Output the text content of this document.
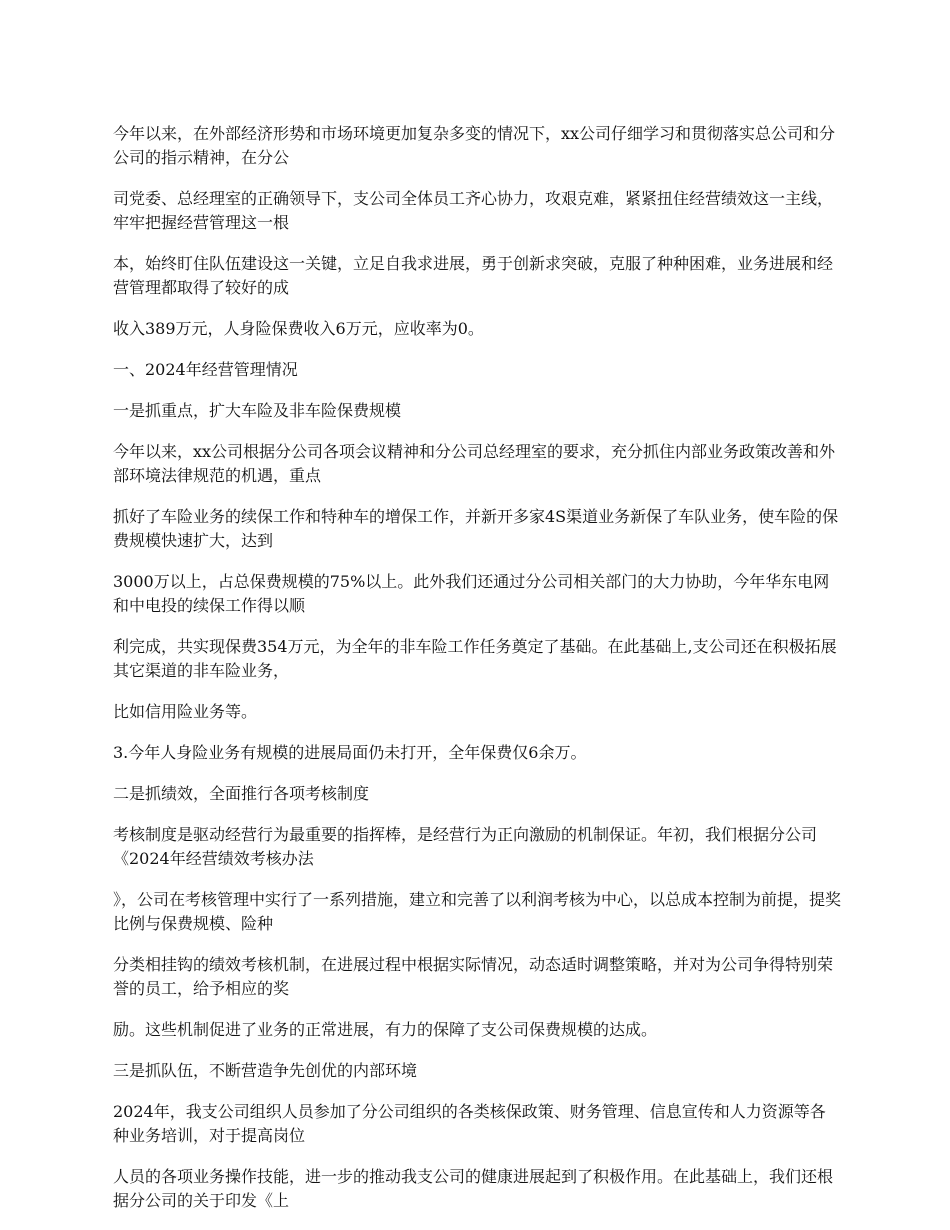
今年以来，在外部经济形势和市场环境更加复杂多变的情况下，xx公司仔细学习和贯彻落实总公司和分公司的指示精神，在分公

司党委、总经理室的正确领导下，支公司全体员工齐心协力，攻艰克难，紧紧扭住经营绩效这一主线，牢牢把握经营管理这一根

本，始终盯住队伍建设这一关键，立足自我求进展，勇于创新求突破，克服了种种困难，业务进展和经营管理都取得了较好的成

收入389万元，人身险保费收入6万元，应收率为0。

一、2024年经营管理情况

一是抓重点，扩大车险及非车险保费规模

今年以来，xx公司根据分公司各项会议精神和分公司总经理室的要求，充分抓住内部业务政策改善和外部环境法律规范的机遇，重点

抓好了车险业务的续保工作和特种车的增保工作，并新开多家4S渠道业务新保了车队业务，使车险的保费规模快速扩大，达到

3000万以上，占总保费规模的75%以上。此外我们还通过分公司相关部门的大力协助，今年华东电网和中电投的续保工作得以顺

利完成，共实现保费354万元，为全年的非车险工作任务奠定了基础。在此基础上,支公司还在积极拓展其它渠道的非车险业务，

比如信用险业务等。

3.今年人身险业务有规模的进展局面仍未打开，全年保费仅6余万。

二是抓绩效，全面推行各项考核制度

考核制度是驱动经营行为最重要的指挥棒，是经营行为正向激励的机制保证。年初，我们根据分公司《2024年经营绩效考核办法

》，公司在考核管理中实行了一系列措施，建立和完善了以利润考核为中心，以总成本控制为前提，提奖比例与保费规模、险种

分类相挂钩的绩效考核机制，在进展过程中根据实际情况，动态适时调整策略，并对为公司争得特别荣誉的员工，给予相应的奖

励。这些机制促进了业务的正常进展，有力的保障了支公司保费规模的达成。

三是抓队伍，不断营造争先创优的内部环境

2024年，我支公司组织人员参加了分公司组织的各类核保政策、财务管理、信息宣传和人力资源等各种业务培训，对于提高岗位

人员的各项业务操作技能，进一步的推动我支公司的健康进展起到了积极作用。在此基础上，我们还根据分公司的关于印发《上
